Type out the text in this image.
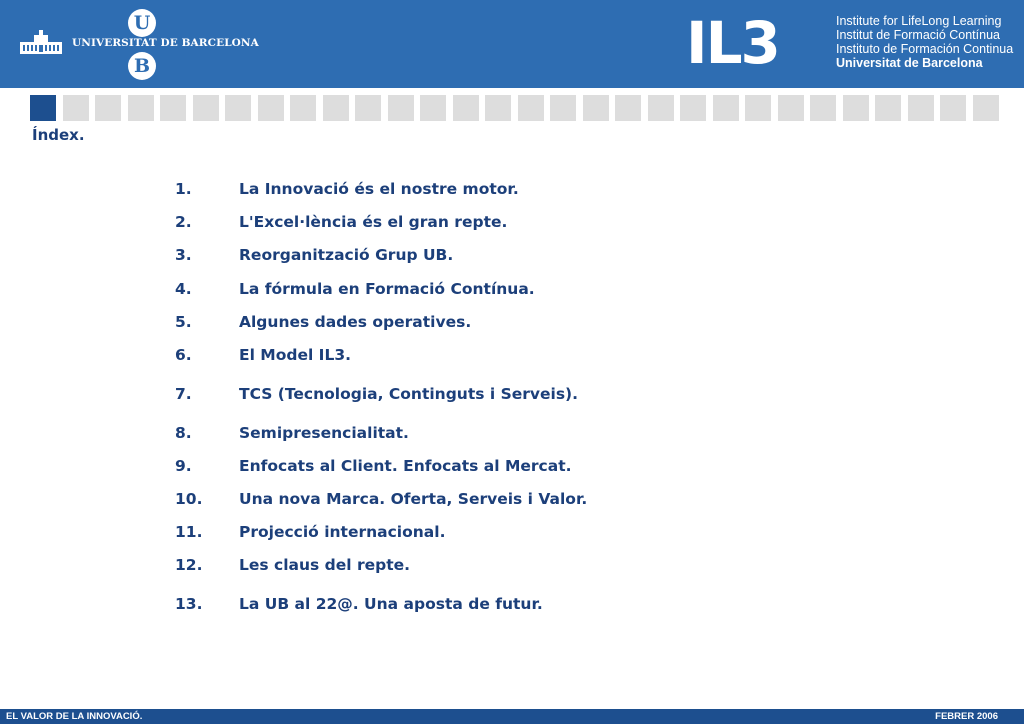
U
UNIVERSITAT DE BARCELONA
B	IL3	Institute for LifeLong Learning
Institut de Formació Contínua
Instituto de Formación Continua
Universitat de Barcelona
Índex.
1.	La Innovació és el nostre motor.
2.	L'Excel·lència és el gran repte.
3.	Reorganització Grup UB.
4.	La fórmula en Formació Contínua.
5.	Algunes dades operatives.
6.	El Model IL3.
7.	TCS (Tecnologia, Continguts i Serveis).
8.	Semipresencialitat.
9.	Enfocats al Client. Enfocats al Mercat.
10. Una nova Marca. Oferta, Serveis i Valor.
11. Projecció internacional.
12. Les claus del repte.
13. La UB al 22@. Una aposta de futur.
EL VALOR DE LA INNOVACIÓ.	FEBRER 2006
